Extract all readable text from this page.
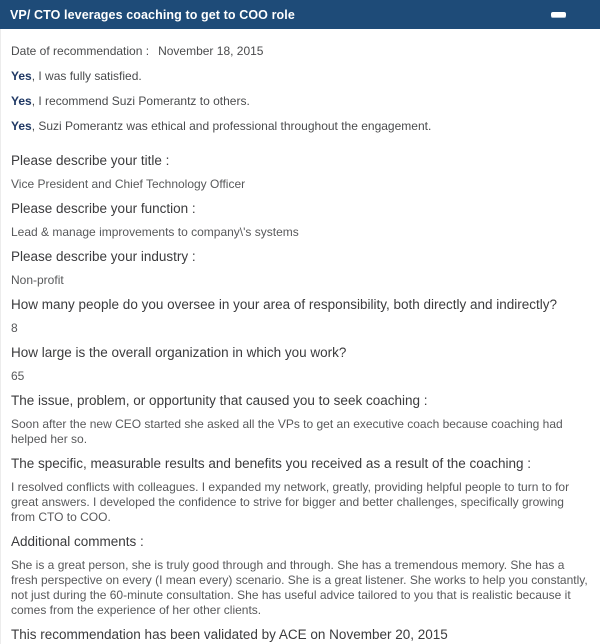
VP/ CTO leverages coaching to get to COO role

Date of recommendation : November 18, 2015

Yes, I was fully satisfied.

Yes, I recommend Suzi Pomerantz to others.

Yes, Suzi Pomerantz was ethical and professional throughout the engagement.

Please describe your title :

Vice President and Chief Technology Officer

Please describe your function :

Lead & manage improvements to company\'s systems

Please describe your industry :

Non-profit

How many people do you oversee in your area of responsibility, both directly and indirectly?

8

How large is the overall organization in which you work?

65

The issue, problem, or opportunity that caused you to seek coaching :

Soon after the new CEO started she asked all the VPs to get an executive coach because coaching had helped her so.

The specific, measurable results and benefits you received as a result of the coaching :

I resolved conflicts with colleagues. I expanded my network, greatly, providing helpful people to turn to for great answers. I developed the confidence to strive for bigger and better challenges, specifically growing from CTO to COO.

Additional comments :

She is a great person, she is truly good through and through. She has a tremendous memory. She has a fresh perspective on every (I mean every) scenario. She is a great listener. She works to help you constantly, not just during the 60-minute consultation. She has useful advice tailored to you that is realistic because it comes from the experience of her other clients.

This recommendation has been validated by ACE on November 20, 2015
